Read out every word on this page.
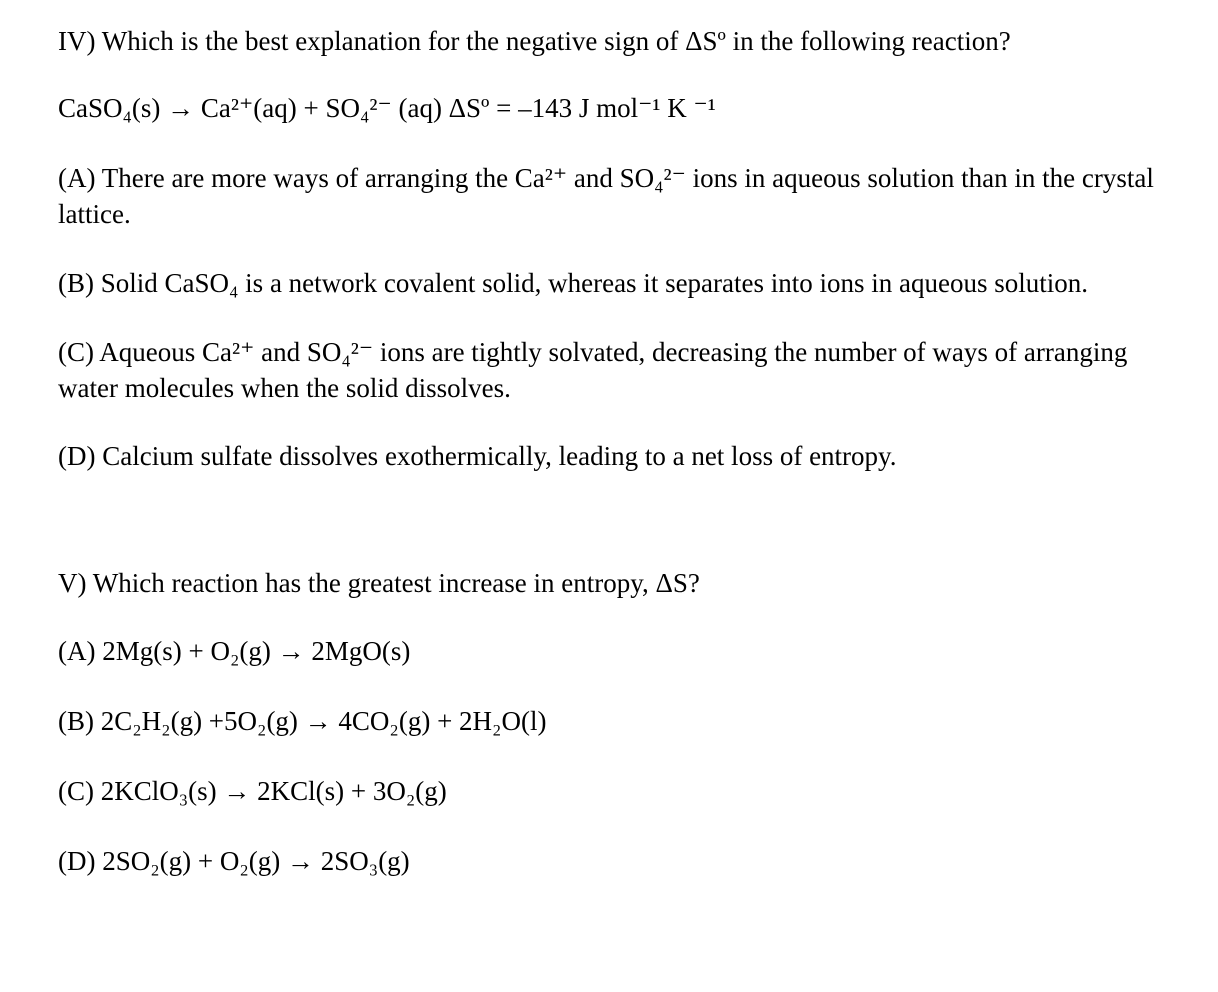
IV) Which is the best explanation for the negative sign of ΔSº in the following reaction?
CaSO₄(s) → Ca²⁺(aq) + SO₄²⁻ (aq) ΔSº = –143 J mol⁻¹ K ⁻¹
(A) There are more ways of arranging the Ca²⁺ and SO₄²⁻ ions in aqueous solution than in the crystal lattice.
(B) Solid CaSO₄ is a network covalent solid, whereas it separates into ions in aqueous solution.
(C) Aqueous Ca²⁺ and SO₄²⁻ ions are tightly solvated, decreasing the number of ways of arranging water molecules when the solid dissolves.
(D) Calcium sulfate dissolves exothermically, leading to a net loss of entropy.
V) Which reaction has the greatest increase in entropy, ΔS?
(A) 2Mg(s) + O₂(g) → 2MgO(s)
(B) 2C₂H₂(g) +5O₂(g) → 4CO₂(g) + 2H₂O(l)
(C) 2KClO₃(s) → 2KCl(s) + 3O₂(g)
(D) 2SO₂(g) + O₂(g) → 2SO₃(g)
